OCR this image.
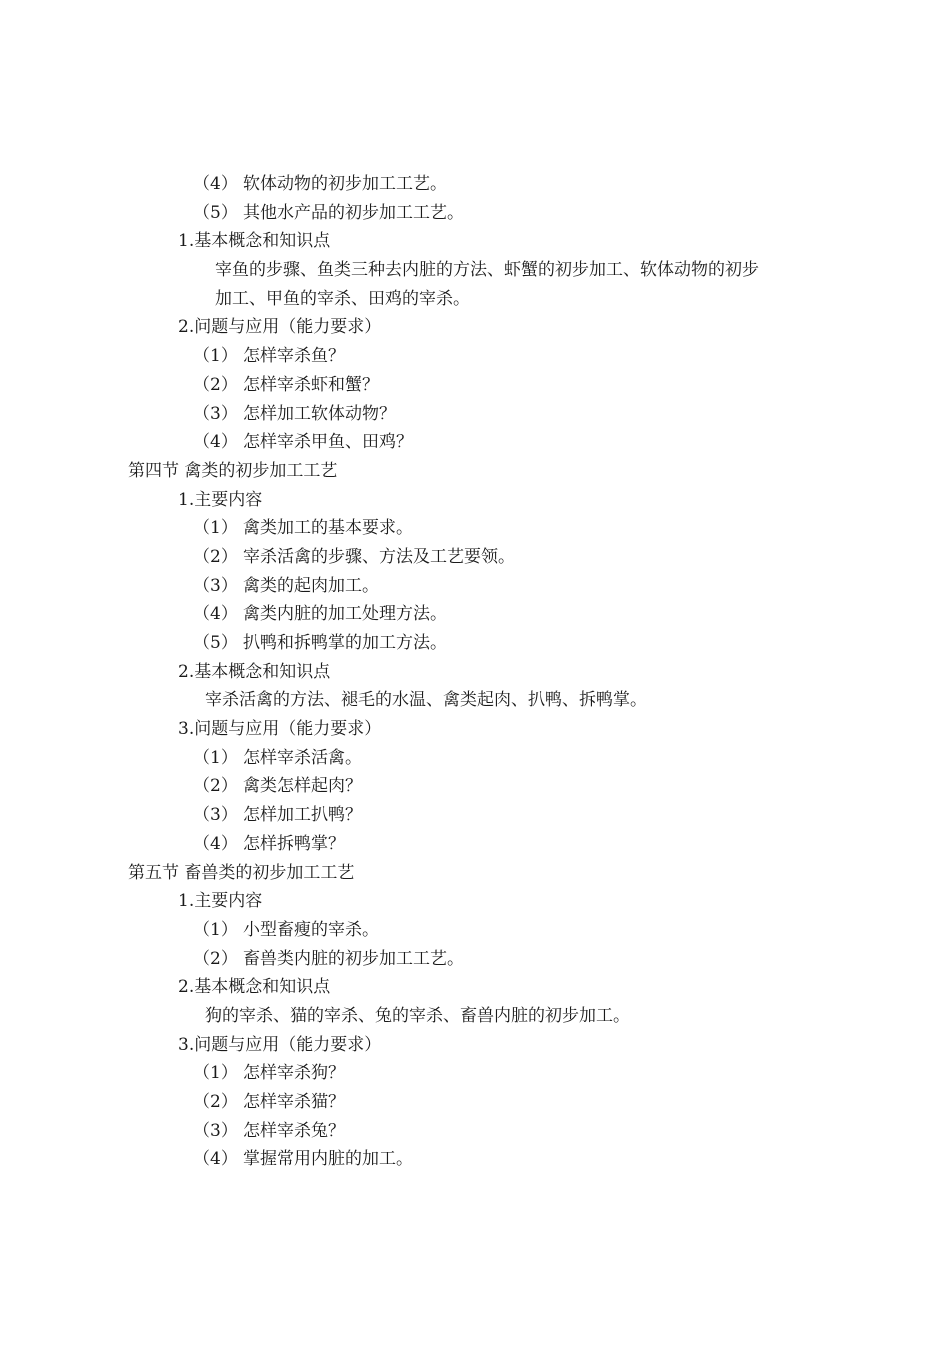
（4） 软体动物的初步加工工艺。
（5） 其他水产品的初步加工工艺。
1.基本概念和知识点
宰鱼的步骤、鱼类三种去内脏的方法、虾蟹的初步加工、软体动物的初步
加工、甲鱼的宰杀、田鸡的宰杀。
2.问题与应用（能力要求）
（1） 怎样宰杀鱼？
（2） 怎样宰杀虾和蟹？
（3） 怎样加工软体动物？
（4） 怎样宰杀甲鱼、田鸡？
第四节 禽类的初步加工工艺
1.主要内容
（1） 禽类加工的基本要求。
（2） 宰杀活禽的步骤、方法及工艺要领。
（3） 禽类的起肉加工。
（4） 禽类内脏的加工处理方法。
（5） 扒鸭和拆鸭掌的加工方法。
2.基本概念和知识点
宰杀活禽的方法、褪毛的水温、禽类起肉、扒鸭、拆鸭掌。
3.问题与应用（能力要求）
（1） 怎样宰杀活禽。
（2） 禽类怎样起肉？
（3） 怎样加工扒鸭？
（4） 怎样拆鸭掌？
第五节 畜兽类的初步加工工艺
1.主要内容
（1） 小型畜瘦的宰杀。
（2） 畜兽类内脏的初步加工工艺。
2.基本概念和知识点
狗的宰杀、猫的宰杀、兔的宰杀、畜兽内脏的初步加工。
3.问题与应用（能力要求）
（1） 怎样宰杀狗？
（2） 怎样宰杀猫？
（3） 怎样宰杀兔？
（4） 掌握常用内脏的加工。
